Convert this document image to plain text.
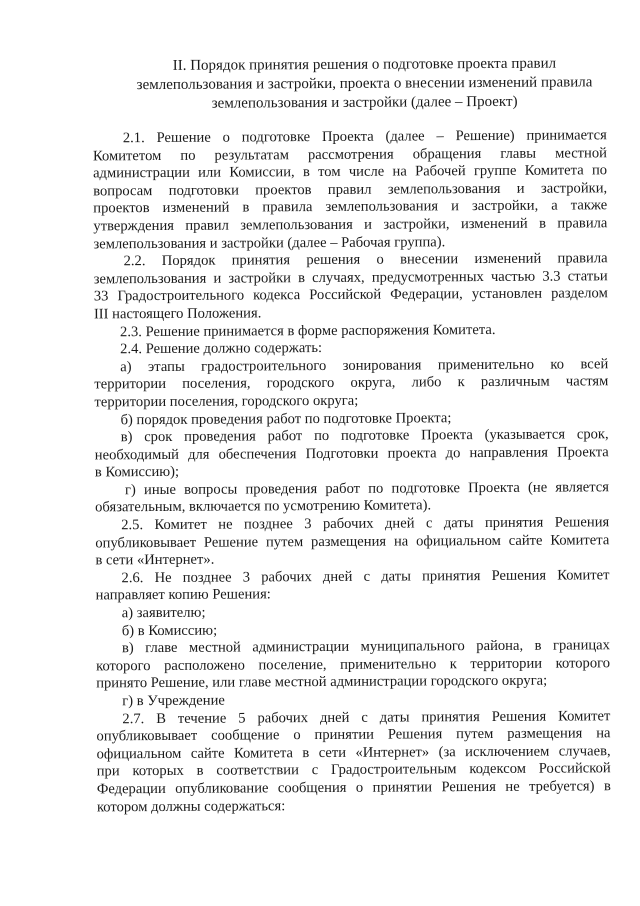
II. Порядок принятия решения о подготовке проекта правил
землепользования и застройки, проекта о внесении изменений правила
землепользования и застройки (далее – Проект)
2.1. Решение о подготовке Проекта (далее – Решение) принимается
Комитетом по результатам рассмотрения обращения главы местной
администрации или Комиссии, в том числе на Рабочей группе Комитета по
вопросам подготовки проектов правил землепользования и застройки,
проектов изменений в правила землепользования и застройки, а также
утверждения правил землепользования и застройки, изменений в правила
землепользования и застройки (далее – Рабочая группа).
2.2. Порядок принятия решения о внесении изменений правила
землепользования и застройки в случаях, предусмотренных частью 3.3 статьи
33 Градостроительного кодекса Российской Федерации, установлен разделом
III настоящего Положения.
2.3. Решение принимается в форме распоряжения Комитета.
2.4. Решение должно содержать:
а) этапы градостроительного зонирования применительно ко всей
территории поселения, городского округа, либо к различным частям
территории поселения, городского округа;
б) порядок проведения работ по подготовке Проекта;
в) срок проведения работ по подготовке Проекта (указывается срок,
необходимый для обеспечения Подготовки проекта до направления Проекта
в Комиссию);
г) иные вопросы проведения работ по подготовке Проекта (не является
обязательным, включается по усмотрению Комитета).
2.5. Комитет не позднее 3 рабочих дней с даты принятия Решения
опубликовывает Решение путем размещения на официальном сайте Комитета
в сети «Интернет».
2.6. Не позднее 3 рабочих дней с даты принятия Решения Комитет
направляет копию Решения:
а) заявителю;
б) в Комиссию;
в) главе местной администрации муниципального района, в границах
которого расположено поселение, применительно к территории которого
принято Решение, или главе местной администрации городского округа;
г) в Учреждение
2.7. В течение 5 рабочих дней с даты принятия Решения Комитет
опубликовывает сообщение о принятии Решения путем размещения на
официальном сайте Комитета в сети «Интернет» (за исключением случаев,
при которых в соответствии с Градостроительным кодексом Российской
Федерации опубликование сообщения о принятии Решения не требуется) в
котором должны содержаться:
